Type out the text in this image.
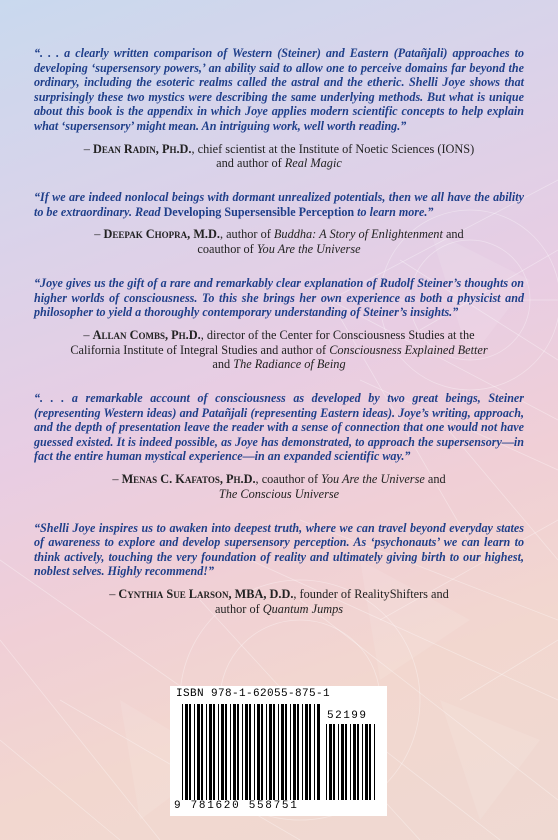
“. . . a clearly written comparison of Western (Steiner) and Eastern (Patañjali) approaches to developing ‘supersensory powers,’ an ability said to allow one to perceive domains far beyond the ordinary, including the esoteric realms called the astral and the etheric. Shelli Joye shows that surprisingly these two mystics were describing the same underlying methods. But what is unique about this book is the appendix in which Joye applies modern scientific concepts to help explain what ‘supersensory’ might mean. An intriguing work, well worth reading.”

– Dean Radin, Ph.D., chief scientist at the Institute of Noetic Sciences (IONS)
and author of Real Magic

“If we are indeed nonlocal beings with dormant unrealized potentials, then we all have the ability to be extraordinary. Read Developing Supersensible Perception to learn more.”

– Deepak Chopra, M.D., author of Buddha: A Story of Enlightenment and
coauthor of You Are the Universe

“Joye gives us the gift of a rare and remarkably clear explanation of Rudolf Steiner’s thoughts on higher worlds of consciousness. To this she brings her own experience as both a physicist and philosopher to yield a thoroughly contemporary understanding of Steiner’s insights.”

– Allan Combs, Ph.D., director of the Center for Consciousness Studies at the
California Institute of Integral Studies and author of Consciousness Explained Better
and The Radiance of Being

“. . . a remarkable account of consciousness as developed by two great beings, Steiner (representing Western ideas) and Patañjali (representing Eastern ideas). Joye’s writing, approach, and the depth of presentation leave the reader with a sense of connection that one would not have guessed existed. It is indeed possible, as Joye has demonstrated, to approach the supersensory—in fact the entire human mystical experience—in an expanded scientific way.”

– Menas C. Kafatos, Ph.D., coauthor of You Are the Universe and
The Conscious Universe

“Shelli Joye inspires us to awaken into deepest truth, where we can travel beyond everyday states of awareness to explore and develop supersensory perception. As ‘psychonauts’ we can learn to think actively, touching the very foundation of reality and ultimately giving birth to our highest, noblest selves. Highly recommend!”

– Cynthia Sue Larson, MBA, D.D., founder of RealityShifters and
author of Quantum Jumps

ISBN 978-1-62055-875-1
52199
9 781620 558751
